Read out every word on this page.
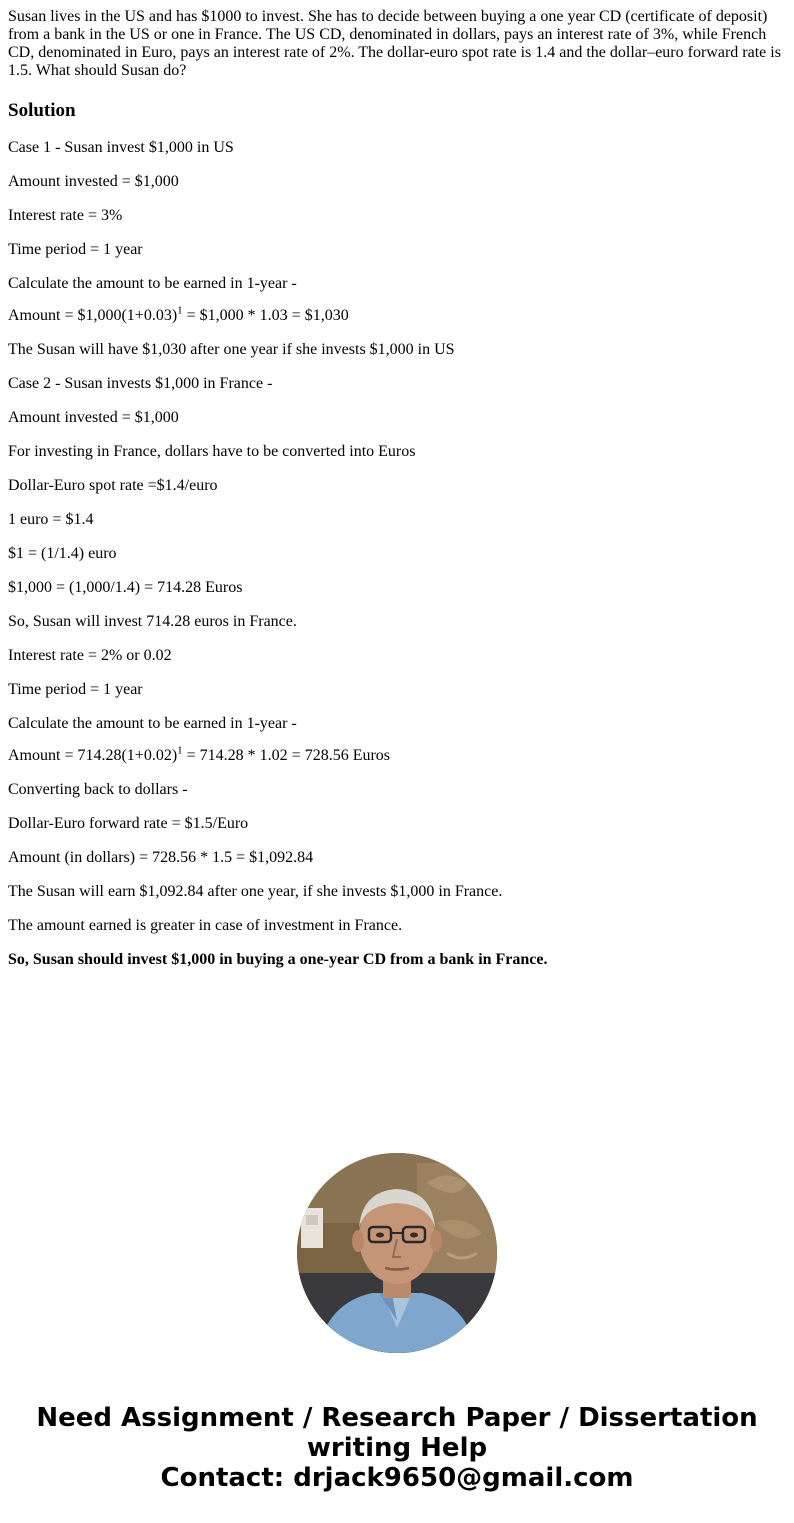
Susan lives in the US and has $1000 to invest. She has to decide between buying a one year CD (certificate of deposit) from a bank in the US or one in France. The US CD, denominated in dollars, pays an interest rate of 3%, while French CD, denominated in Euro, pays an interest rate of 2%. The dollar-euro spot rate is 1.4 and the dollar–euro forward rate is 1.5. What should Susan do?
Solution

Case 1 - Susan invest $1,000 in US

Amount invested = $1,000

Interest rate = 3%

Time period = 1 year

Calculate the amount to be earned in 1-year -

Amount = $\$1,000(1+0.03)^1$ = $1,000 * 1.03 = $1,030

The Susan will have $1,030 after one year if she invests $1,000 in US

Case 2 - Susan invests $1,000 in France -

Amount invested = $1,000

For investing in France, dollars have to be converted into Euros

Dollar-Euro spot rate =$1.4/euro

1 euro = $1.4

$1 = (1/1.4) euro

$1,000 = (1,000/1.4) = 714.28 Euros

So, Susan will invest 714.28 euros in France.

Interest rate = 2% or 0.02

Time period = 1 year

Calculate the amount to be earned in 1-year -

Amount = $714.28(1+0.02)^1 = 714.28 * 1.02 = 728.56$ Euros

Converting back to dollars -

Dollar-Euro forward rate = $1.5/Euro

Amount (in dollars) = 728.56 * 1.5 = $1,092.84

The Susan will earn $1,092.84 after one year, if she invests $1,000 in France.

The amount earned is greater in case of investment in France.

So, Susan should invest $1,000 in buying a one-year CD from a bank in France.

Need Assignment / Research Paper / Dissertation
writing Help
Contact: drjack9650@gmail.com
